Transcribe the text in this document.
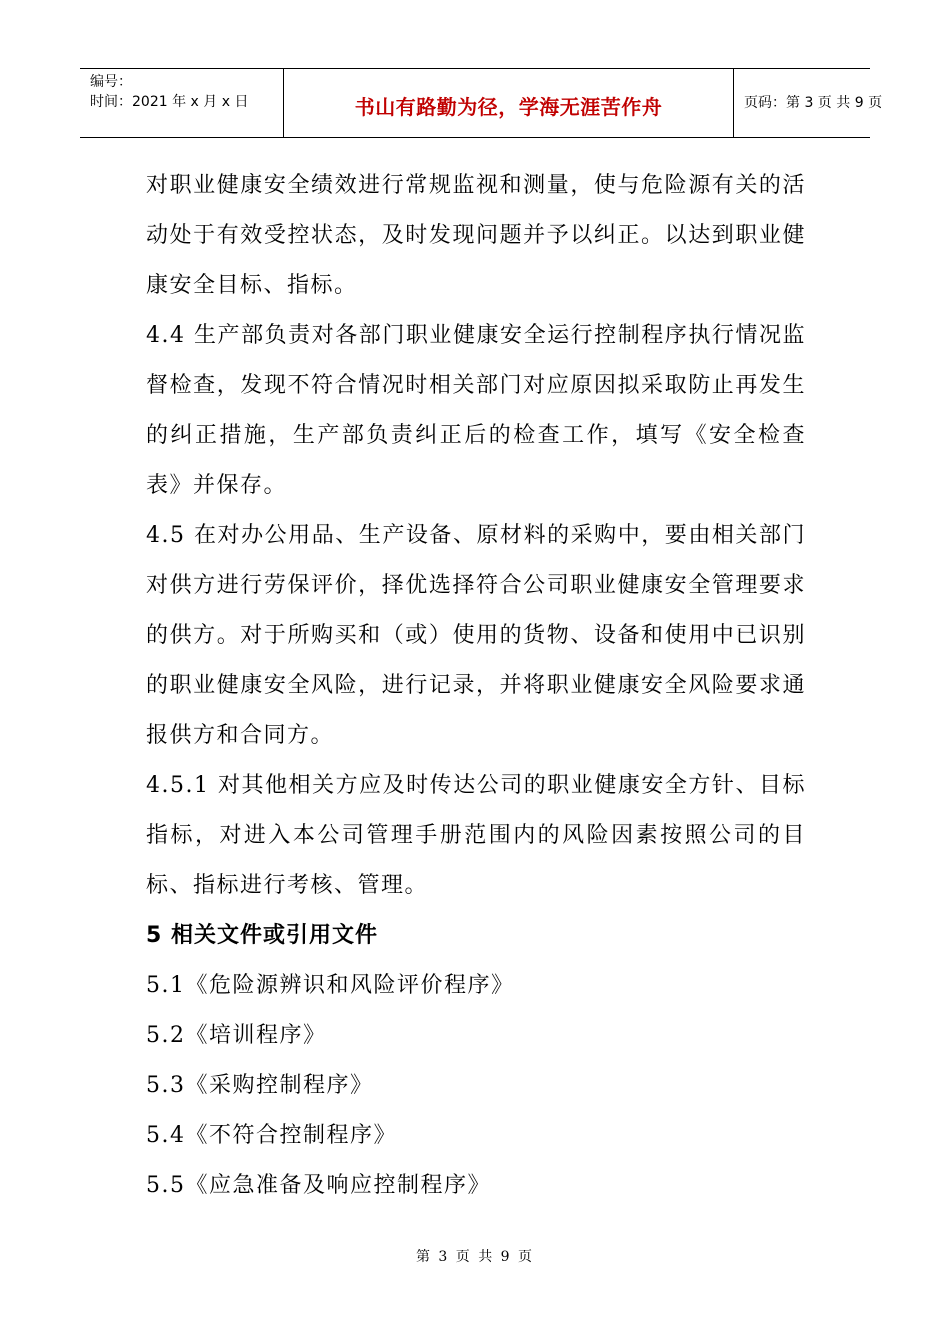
编号：
时间：2021 年 x 月 x 日	书山有路勤为径，学海无涯苦作舟	页码：第 3 页 共 9 页

对职业健康安全绩效进行常规监视和测量，使与危险源有关的活动处于有效受控状态，及时发现问题并予以纠正。以达到职业健康安全目标、指标。

4.4 生产部负责对各部门职业健康安全运行控制程序执行情况监督检查，发现不符合情况时相关部门对应原因拟采取防止再发生的纠正措施，生产部负责纠正后的检查工作，填写《安全检查表》并保存。

4.5 在对办公用品、生产设备、原材料的采购中，要由相关部门对供方进行劳保评价，择优选择符合公司职业健康安全管理要求的供方。对于所购买和（或）使用的货物、设备和使用中已识别的职业健康安全风险，进行记录，并将职业健康安全风险要求通报供方和合同方。

4.5.1 对其他相关方应及时传达公司的职业健康安全方针、目标指标，对进入本公司管理手册范围内的风险因素按照公司的目标、指标进行考核、管理。

5 相关文件或引用文件

5.1《危险源辨识和风险评价程序》

5.2《培训程序》

5.3《采购控制程序》

5.4《不符合控制程序》

5.5《应急准备及响应控制程序》

第 3 页 共 9 页
